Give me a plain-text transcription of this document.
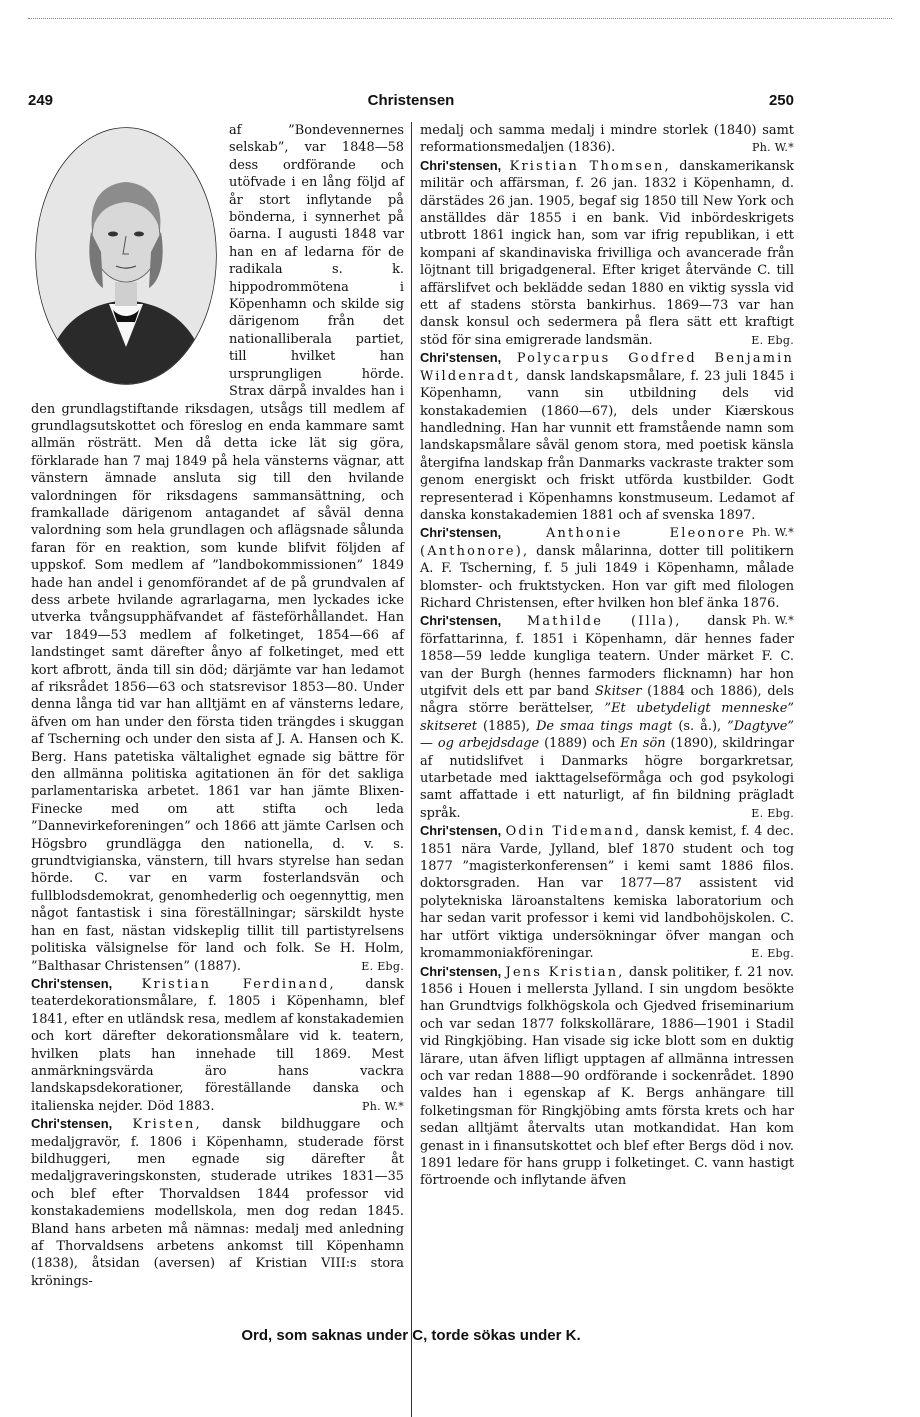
249	Christensen	250

af ”Bondevennernes selskab”, var 1848—58 dess ordförande och utöfvade i en lång följd af år stort inflytande på bönderna, i synnerhet på öarna. I augusti 1848 var han en af ledarna för de radikala s. k. hippodrommötena i Köpenhamn och skilde sig därigenom från det nationalliberala partiet, till hvilket han ursprungligen hörde. Strax därpå invaldes han i den grundlagstiftande riksdagen, utsågs till medlem af grundlagsutskottet och föreslog en enda kammare samt allmän rösträtt. Men då detta icke lät sig göra, förklarade han 7 maj 1849 på hela vänsterns vägnar, att vänstern ämnade ansluta sig till den hvilande valordningen för riksdagens sammansättning, och framkallade därigenom antagandet af såväl denna valordning som hela grundlagen och aflägsnade sålunda faran för en reaktion, som kunde blifvit följden af uppskof. Som medlem af ”landbokommissionen” 1849 hade han andel i genomförandet af de på grundvalen af dess arbete hvilande agrarlagarna, men lyckades icke utverka tvångsupphäfvandet af fästeförhållandet. Han var 1849—53 medlem af folketinget, 1854—66 af landstinget samt därefter ånyo af folketinget, med ett kort afbrott, ända till sin död; därjämte var han ledamot af riksrådet 1856—63 och statsrevisor 1853—80. Under denna långa tid var han alltjämt en af vänsterns ledare, äfven om han under den första tiden trängdes i skuggan af Tscherning och under den sista af J. A. Hansen och K. Berg. Hans patetiska vältalighet egnade sig bättre för den allmänna politiska agitationen än för det sakliga parlamentariska arbetet. 1861 var han jämte Blixen-Finecke med om att stifta och leda ”Dannevirkeforeningen” och 1866 att jämte Carlsen och Högsbro grundlägga den nationella, d. v. s. grundtvigianska, vänstern, till hvars styrelse han sedan hörde. C. var en varm fosterlandsvän och fullblodsdemokrat, genomhederlig och oegennyttig, men något fantastisk i sina föreställningar; särskildt hyste han en fast, nästan vidskeplig tillit till partistyrelsens politiska välsignelse för land och folk. Se H. Holm, ”Balthasar Christensen” (1887).	E. Ebg.

Chri'stensen, Kristian Ferdinand, dansk teaterdekorationsmålare, f. 1805 i Köpenhamn, blef 1841, efter en utländsk resa, medlem af konstakademien och kort därefter dekorationsmålare vid k. teatern, hvilken plats han innehade till 1869. Mest anmärkningsvärda äro hans vackra landskapsdekorationer, föreställande danska och italienska nejder. Död 1883.	Ph. W.*

Chri'stensen, Kristen, dansk bildhuggare och medaljgravör, f. 1806 i Köpenhamn, studerade först bildhuggeri, men egnade sig därefter åt medaljgraveringskonsten, studerade utrikes 1831—35 och blef efter Thorvaldsen 1844 professor vid konstakademiens modellskola, men dog redan 1845. Bland hans arbeten må nämnas: medalj med anledning af Thorvaldsens arbetens ankomst till Köpenhamn (1838), åtsidan (aversen) af Kristian VIII:s stora krönings-

medalj och samma medalj i mindre storlek (1840) samt reformationsmedaljen (1836).	Ph. W.*

Chri'stensen, Kristian Thomsen, danskamerikansk militär och affärsman, f. 26 jan. 1832 i Köpenhamn, d. därstädes 26 jan. 1905, begaf sig 1850 till New York och anställdes där 1855 i en bank. Vid inbördeskrigets utbrott 1861 ingick han, som var ifrig republikan, i ett kompani af skandinaviska frivilliga och avancerade från löjtnant till brigadgeneral. Efter kriget återvände C. till affärslifvet och beklädde sedan 1880 en viktig syssla vid ett af stadens största bankirhus. 1869—73 var han dansk konsul och sedermera på flera sätt ett kraftigt stöd för sina emigrerade landsmän.	E. Ebg.

Chri'stensen, Polycarpus Godfred Benjamin Wildenradt, dansk landskapsmålare, f. 23 juli 1845 i Köpenhamn, vann sin utbildning dels vid konstakademien (1860—67), dels under Kiærskous handledning. Han har vunnit ett framstående namn som landskapsmålare såväl genom stora, med poetisk känsla återgifna landskap från Danmarks vackraste trakter som genom energiskt och friskt utförda kustbilder. Godt representerad i Köpenhamns konstmuseum. Ledamot af danska konstakademien 1881 och af svenska 1897.
Ph. W.*

Chri'stensen,	Anthonie Eleonore (Anthonore), dansk målarinna, dotter till politikern A. F. Tscherning, f. 5 juli 1849 i Köpenhamn, målade blomster- och fruktstycken. Hon var gift med filologen Richard Christensen, efter hvilken hon blef änka 1876.
Ph. W.*

Chri'stensen, Mathilde (Illa), dansk författarinna, f. 1851 i Köpenhamn, där hennes fader 1858—59 ledde kungliga teatern. Under märket F. C. van der Burgh (hennes farmoders flicknamn) har hon utgifvit dels ett par band Skitser (1884 och 1886), dels några större berättelser, ”Et ubetydeligt menneske” skitseret (1885), De smaa tings magt (s. å.), ”Dagtyve” — og arbejdsdage (1889) och En sön (1890), skildringar af nutidslifvet i Danmarks högre borgarkretsar, utarbetade med iakttagelseförmåga och god psykologi samt affattade i ett naturligt, af fin bildning prägladt språk.	E. Ebg.

Chri'stensen, Odin Tidemand, dansk kemist, f. 4 dec. 1851 nära Varde, Jylland, blef 1870 student och tog 1877 ”magisterkonferensen” i kemi samt 1886 filos. doktorsgraden. Han var 1877—87 assistent vid polytekniska läroanstaltens kemiska laboratorium och har sedan varit professor i kemi vid landbohöjskolen. C. har utfört viktiga undersökningar öfver mangan och kromammoniakföreningar.	E. Ebg.

Chri'stensen, Jens Kristian, dansk politiker, f. 21 nov. 1856 i Houen i mellersta Jylland. I sin ungdom besökte han Grundtvigs folkhögskola och Gjedved friseminarium och var sedan 1877 folkskollärare, 1886—1901 i Stadil vid Ringkjöbing. Han visade sig icke blott som en duktig lärare, utan äfven lifligt upptagen af allmänna intressen och var redan 1888—90 ordförande i sockenrådet. 1890 valdes han i egenskap af K. Bergs anhängare till folketingsman för Ringkjöbing amts första krets och har sedan alltjämt återvalts utan motkandidat. Han kom genast in i finansutskottet och blef efter Bergs död i nov. 1891 ledare för hans grupp i folketinget. C. vann hastigt förtroende och inflytande äfven

Ord, som saknas under C, torde sökas under K.
